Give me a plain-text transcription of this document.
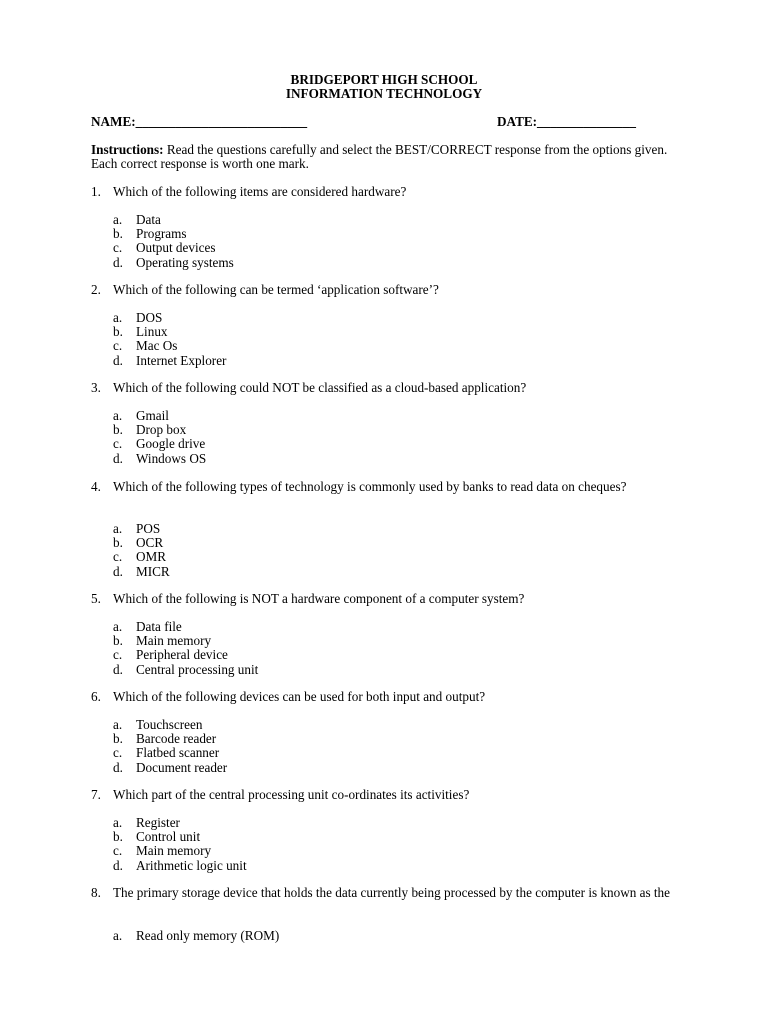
BRIDGEPORT HIGH SCHOOL
INFORMATION TECHNOLOGY
NAME:__________________________	DATE:_______________
Instructions: Read the questions carefully and select the BEST/CORRECT response from the options given. Each correct response is worth one mark.
1. Which of the following items are considered hardware?
a. Data
b. Programs
c. Output devices
d. Operating systems
2. Which of the following can be termed ‘application software’?
a. DOS
b. Linux
c. Mac Os
d. Internet Explorer
3. Which of the following could NOT be classified as a cloud-based application?
a. Gmail
b. Drop box
c. Google drive
d. Windows OS
4. Which of the following types of technology is commonly used by banks to read data on cheques?
a. POS
b. OCR
c. OMR
d. MICR
5. Which of the following is NOT a hardware component of a computer system?
a. Data file
b. Main memory
c. Peripheral device
d. Central processing unit
6. Which of the following devices can be used for both input and output?
a. Touchscreen
b. Barcode reader
c. Flatbed scanner
d. Document reader
7. Which part of the central processing unit co-ordinates its activities?
a. Register
b. Control unit
c. Main memory
d. Arithmetic logic unit
8. The primary storage device that holds the data currently being processed by the computer is known as the
a. Read only memory (ROM)
